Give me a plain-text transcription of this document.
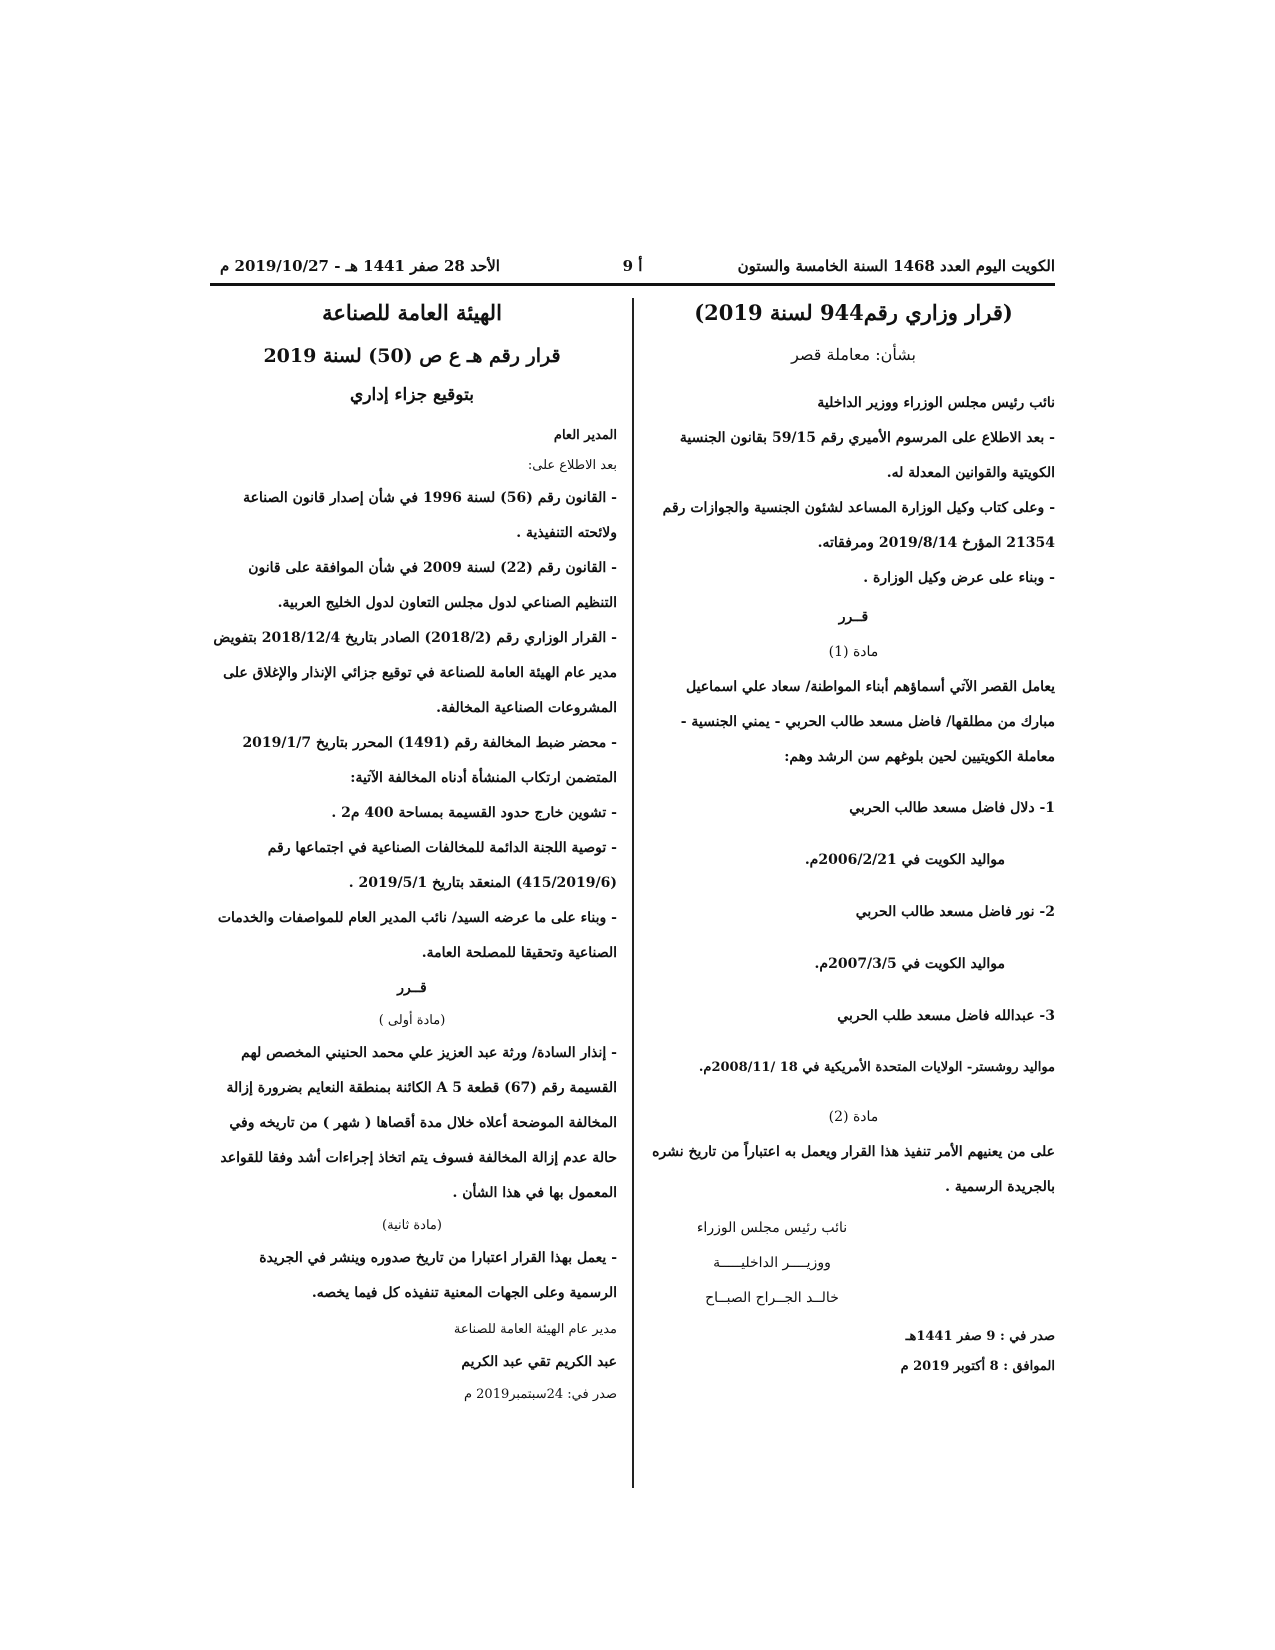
الكويت اليوم العدد 1468 السنة الخامسة والستون
أ 9
الأحد 28 صفر 1441 هـ - 2019/10/27 م
(قرار وزاري رقم944 لسنة 2019)
بشأن: معاملة قصر

نائب رئيس مجلس الوزراء ووزير الداخلية

- بعد الاطلاع على المرسوم الأميري رقم 59/15 بقانون الجنسية الكويتية والقوانين المعدلة له.

- وعلى كتاب وكيل الوزارة المساعد لشئون الجنسية والجوازات رقم 21354 المؤرخ 2019/8/14 ومرفقاته.

- وبناء على عرض وكيل الوزارة .

قــرر

مادة (1)

يعامل القصر الآتي أسماؤهم أبناء المواطنة/ سعاد علي اسماعيل مبارك من مطلقها/ فاضل مسعد طالب الحربي - يمني الجنسية - معاملة الكويتيين لحين بلوغهم سن الرشد وهم:

1- دلال فاضل مسعد طالب الحربي

مواليد الكويت في 2006/2/21م.

2- نور فاضل مسعد طالب الحربي

مواليد الكويت في 2007/3/5م.

3- عبدالله فاضل مسعد طلب الحربي

مواليد روشستر- الولايات المتحدة الأمريكية في 18 /2008/11م.

مادة (2)

على من يعنيهم الأمر تنفيذ هذا القرار ويعمل به اعتباراً من تاريخ نشره بالجريدة الرسمية .

نائب رئيس مجلس الوزراء

ووزيــــر الداخليـــــة

خالــد الجــراح الصبــاح

صدر في : 9 صفر 1441هـ

الموافق : 8 أكتوبر 2019 م

الهيئة العامة للصناعة
قرار رقم هـ ع ص (50) لسنة 2019
بتوقيع جزاء إداري

المدير العام

بعد الاطلاع على:

- القانون رقم (56) لسنة 1996 في شأن إصدار قانون الصناعة ولائحته التنفيذية .

- القانون رقم (22) لسنة 2009 في شأن الموافقة على قانون التنظيم الصناعي لدول مجلس التعاون لدول الخليج العربية.

- القرار الوزاري رقم (2018/2) الصادر بتاريخ 2018/12/4 بتفويض مدير عام الهيئة العامة للصناعة في توقيع جزائي الإنذار والإغلاق على المشروعات الصناعية المخالفة.

- محضر ضبط المخالفة رقم (1491) المحرر بتاريخ 2019/1/7 المتضمن ارتكاب المنشأة أدناه المخالفة الآتية:

- تشوين خارج حدود القسيمة بمساحة 400 م2 .

- توصية اللجنة الدائمة للمخالفات الصناعية في اجتماعها رقم (415/2019/6) المنعقد بتاريخ 2019/5/1 .

- وبناء على ما عرضه السيد/ نائب المدير العام للمواصفات والخدمات الصناعية وتحقيقا للمصلحة العامة.

قــرر

(مادة أولى )

- إنذار السادة/ ورثة عبد العزيز علي محمد الحنيني المخصص لهم القسيمة رقم (67) قطعة A 5 الكائنة بمنطقة النعايم بضرورة إزالة المخالفة الموضحة أعلاه خلال مدة أقصاها ( شهر ) من تاريخه وفي حالة عدم إزالة المخالفة فسوف يتم اتخاذ إجراءات أشد وفقا للقواعد المعمول بها في هذا الشأن .

(مادة ثانية)

- يعمل بهذا القرار اعتبارا من تاريخ صدوره وينشر في الجريدة الرسمية وعلى الجهات المعنية تنفيذه كل فيما يخصه.

مدير عام الهيئة العامة للصناعة

عبد الكريم تقي عبد الكريم

صدر في: 24سبتمبر2019 م
